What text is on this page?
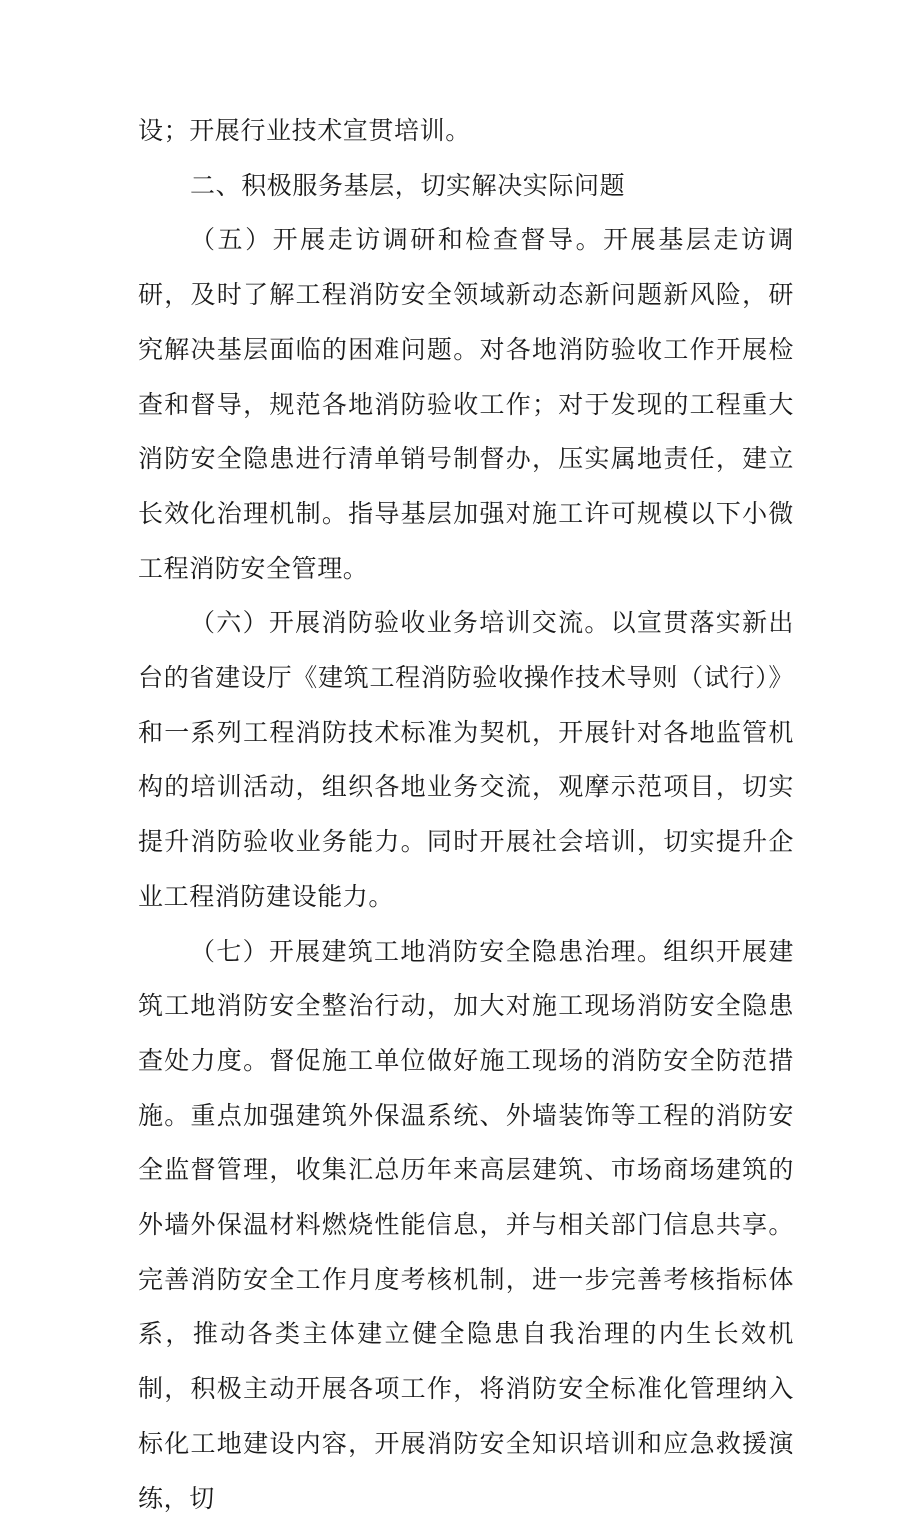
设；开展行业技术宣贯培训。

二、积极服务基层，切实解决实际问题

（五）开展走访调研和检查督导。开展基层走访调研，及时了解工程消防安全领域新动态新问题新风险，研究解决基层面临的困难问题。对各地消防验收工作开展检查和督导，规范各地消防验收工作；对于发现的工程重大消防安全隐患进行清单销号制督办，压实属地责任，建立长效化治理机制。指导基层加强对施工许可规模以下小微工程消防安全管理。

（六）开展消防验收业务培训交流。以宣贯落实新出台的省建设厅《建筑工程消防验收操作技术导则（试行）》和一系列工程消防技术标准为契机，开展针对各地监管机构的培训活动，组织各地业务交流，观摩示范项目，切实提升消防验收业务能力。同时开展社会培训，切实提升企业工程消防建设能力。

（七）开展建筑工地消防安全隐患治理。组织开展建筑工地消防安全整治行动，加大对施工现场消防安全隐患查处力度。督促施工单位做好施工现场的消防安全防范措施。重点加强建筑外保温系统、外墙装饰等工程的消防安全监督管理，收集汇总历年来高层建筑、市场商场建筑的外墙外保温材料燃烧性能信息，并与相关部门信息共享。完善消防安全工作月度考核机制，进一步完善考核指标体系，推动各类主体建立健全隐患自我治理的内生长效机制，积极主动开展各项工作，将消防安全标准化管理纳入标化工地建设内容，开展消防安全知识培训和应急救援演练，切
